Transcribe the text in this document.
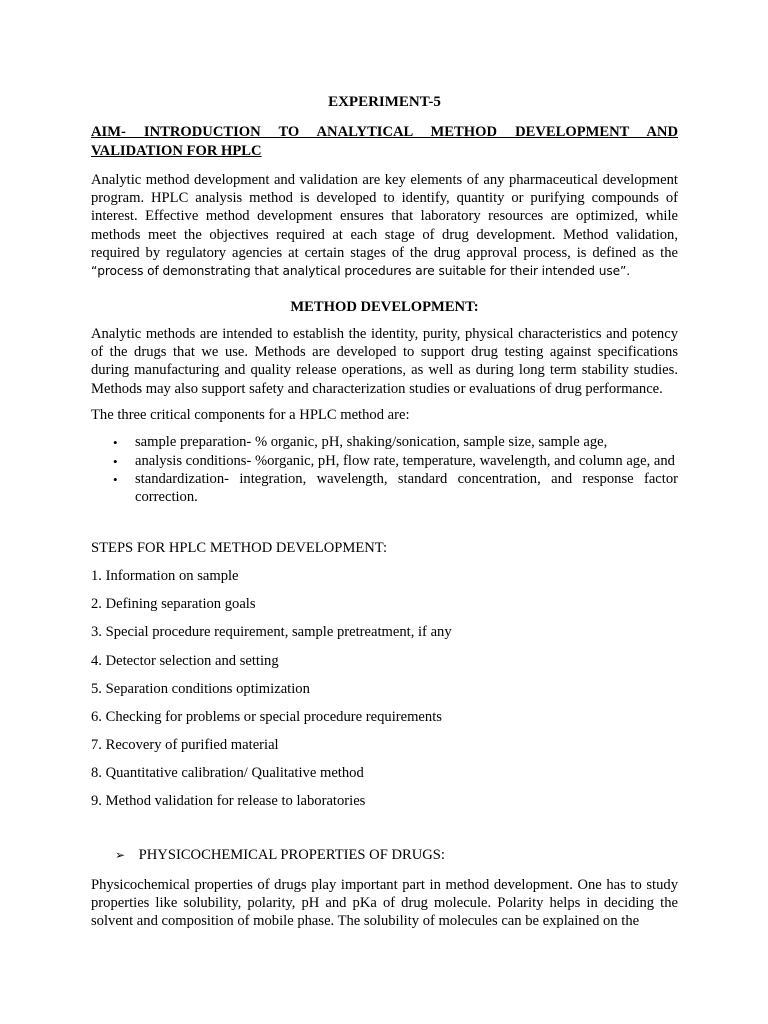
EXPERIMENT-5
AIM- INTRODUCTION TO ANALYTICAL METHOD DEVELOPMENT AND
VALIDATION FOR HPLC
Analytic method development and validation are key elements of any pharmaceutical development program. HPLC analysis method is developed to identify, quantity or purifying compounds of interest. Effective method development ensures that laboratory resources are optimized, while methods meet the objectives required at each stage of drug development. Method validation, required by regulatory agencies at certain stages of the drug approval process, is defined as the “process of demonstrating that analytical procedures are suitable for their intended use”.
METHOD DEVELOPMENT:
Analytic methods are intended to establish the identity, purity, physical characteristics and potency of the drugs that we use. Methods are developed to support drug testing against specifications during manufacturing and quality release operations, as well as during long term stability studies. Methods may also support safety and characterization studies or evaluations of drug performance.
The three critical components for a HPLC method are:
• sample preparation- % organic, pH, shaking/sonication, sample size, sample age,
• analysis conditions- %organic, pH, flow rate, temperature, wavelength, and column age, and
• standardization- integration, wavelength, standard concentration, and response factor correction.
STEPS FOR HPLC METHOD DEVELOPMENT:
1. Information on sample
2. Defining separation goals
3. Special procedure requirement, sample pretreatment, if any
4. Detector selection and setting
5. Separation conditions optimization
6. Checking for problems or special procedure requirements
7. Recovery of purified material
8. Quantitative calibration/ Qualitative method
9. Method validation for release to laboratories
➢ PHYSICOCHEMICAL PROPERTIES OF DRUGS:
Physicochemical properties of drugs play important part in method development. One has to study properties like solubility, polarity, pH and pKa of drug molecule. Polarity helps in deciding the solvent and composition of mobile phase. The solubility of molecules can be explained on the
